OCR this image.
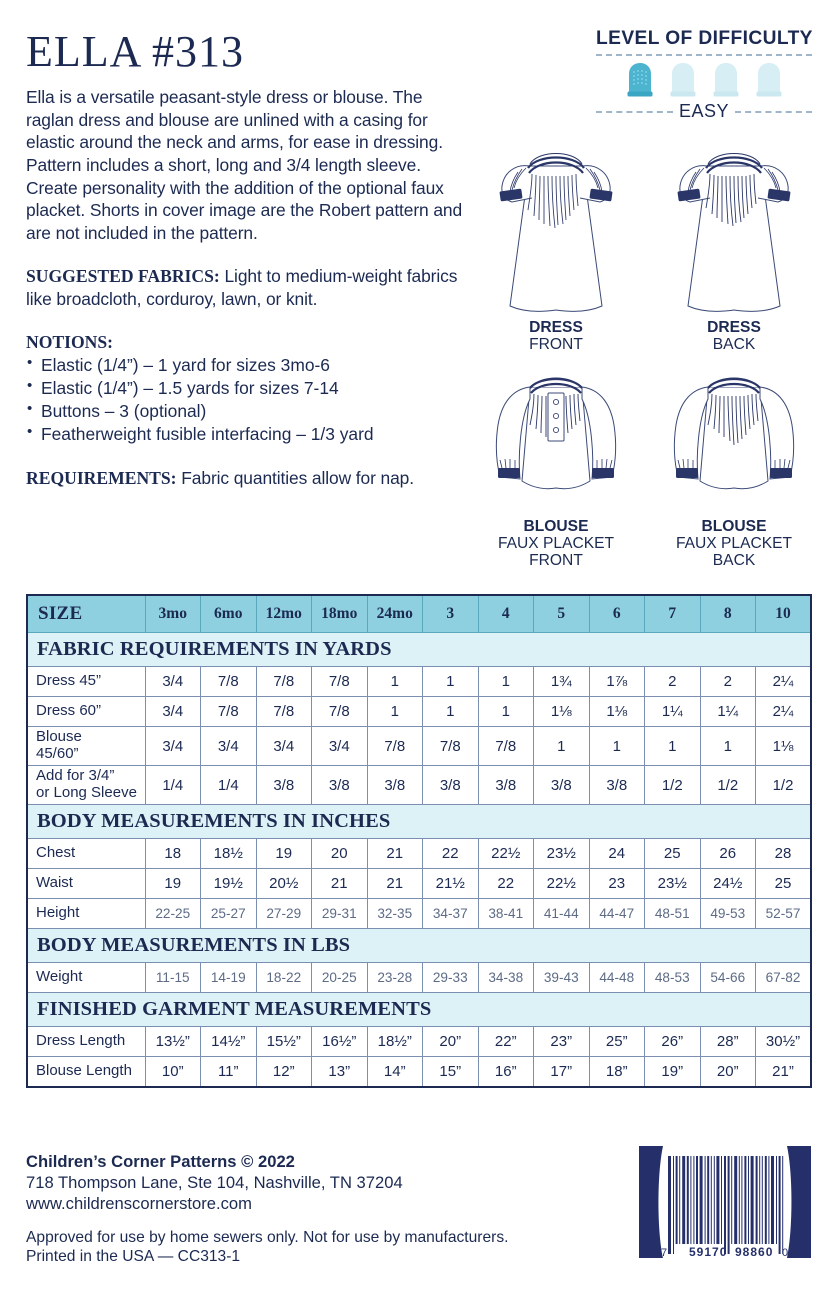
ELLA #313

Ella is a versatile peasant-style dress or blouse. The raglan dress and blouse are unlined with a casing for elastic around the neck and arms, for ease in dressing. Pattern includes a short, long and 3/4 length sleeve. Create personality with the addition of the optional faux placket. Shorts in cover image are the Robert pattern and are not included in the pattern.

SUGGESTED FABRICS: Light to medium-weight fabrics like broadcloth, corduroy, lawn, or knit.

NOTIONS:

• Elastic (1/4”) – 1 yard for sizes 3mo-6
• Elastic (1/4”) – 1.5 yards for sizes 7-14
• Buttons – 3 (optional)
• Featherweight fusible interfacing – 1/3 yard

REQUIREMENTS: Fabric quantities allow for nap.

LEVEL OF DIFFICULTY
EASY
DRESS
FRONT
DRESS
BACK
BLOUSE
FAUX PLACKET
FRONT
BLOUSE
FAUX PLACKET
BACK
SIZE	3mo	6mo	12mo	18mo	24mo	3	4	5	6	7	8	10
FABRIC REQUIREMENTS IN YARDS												
Dress 45”	3/4	7/8	7/8	7/8	1	1	1	1¾	1⅞	2	2	2¼
Dress 60”	3/4	7/8	7/8	7/8	1	1	1	1⅛	1⅛	1¼	1¼	2¼
Blouse
45/60”	3/4	3/4	3/4	3/4	7/8	7/8	7/8	1	1	1	1	1⅛
Add for 3/4”
or Long Sleeve	1/4	1/4	3/8	3/8	3/8	3/8	3/8	3/8	3/8	1/2	1/2	1/2
BODY MEASUREMENTS IN INCHES												
Chest	18	18½	19	20	21	22	22½	23½	24	25	26	28
Waist	19	19½	20½	21	21	21½	22	22½	23	23½	24½	25
Height	22-25	25-27	27-29	29-31	32-35	34-37	38-41	41-44	44-47	48-51	49-53	52-57
BODY MEASUREMENTS IN LBS												
Weight	11-15	14-19	18-22	20-25	23-28	29-33	34-38	39-43	44-48	48-53	54-66	67-82
FINISHED GARMENT MEASUREMENTS												
Dress Length	13½”	14½”	15½”	16½”	18½”	20”	22”	23”	25”	26”	28”	30½”
Blouse Length	10”	11”	12”	13”	14”	15”	16”	17”	18”	19”	20”	21”
Children’s Corner Patterns © 2022
718 Thompson Lane, Ste 104, Nashville, TN 37204
www.childrenscornerstore.com
Approved for use by home sewers only. Not for use by manufacturers.
Printed in the USA — CC313-1	7 59170 98860 0
